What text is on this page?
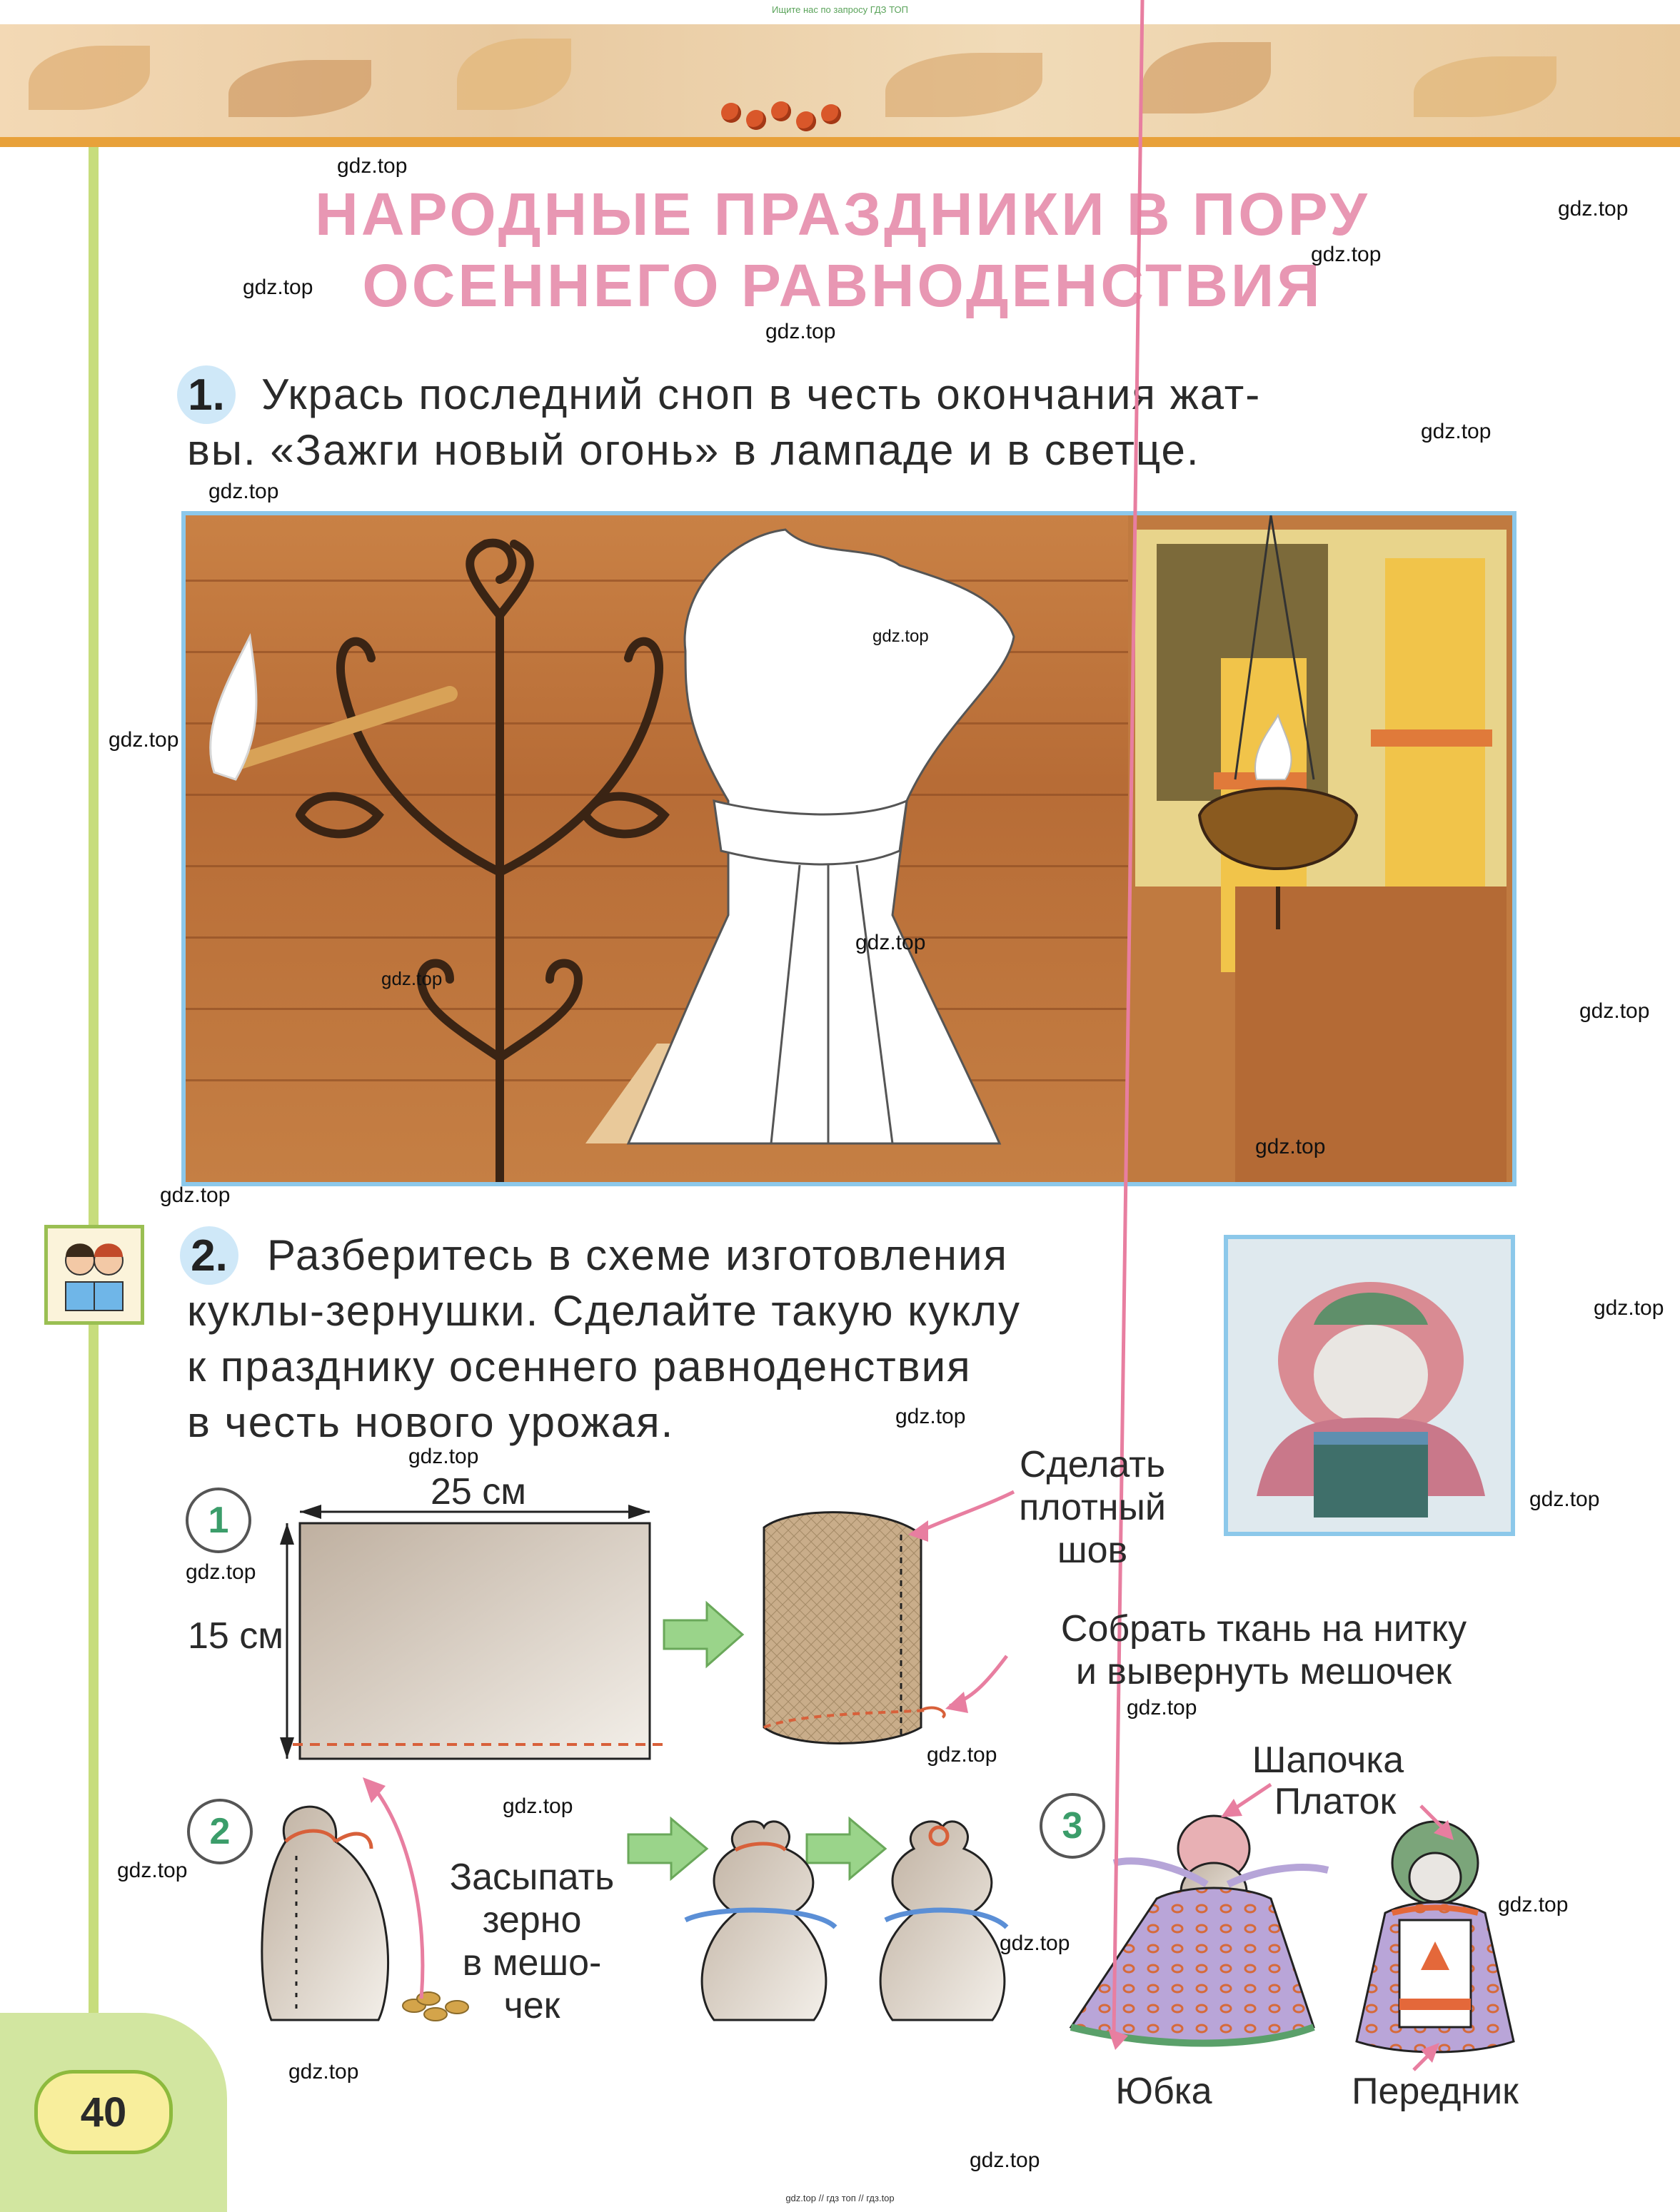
Ищите нас по запросу ГДЗ ТОП
НАРОДНЫЕ ПРАЗДНИКИ В ПОРУ
ОСЕННЕГО РАВНОДЕНСТВИЯ
1. Укрась последний сноп в честь окончания жат-
вы. «Зажги новый огонь» в лампаде и в светце.
2. Разберитесь в схеме изготовления
куклы-зернушки. Сделайте такую куклу
к празднику осеннего равноденствия
в честь нового урожая.
1
25 см
15 см
Сделать
плотный
шов
Собрать ткань на нитку
и вывернуть мешочек
2
Засыпать
зерно
в мешо-
чек
3
Шапочка
Платок
Юбка	Передник
40
gdz.top
gdz.top
gdz.top
gdz.top
gdz.top
gdz.top
gdz.top
gdz.top
gdz.top
gdz.top
gdz.top
gdz.top
gdz.top
gdz.top
gdz.top
gdz.top
gdz.top
gdz.top
gdz.top
gdz.top
gdz.top
gdz.top
gdz.top
gdz.top
gdz.top
gdz.top
gdz.top
gdz.top // гдз топ // гдз.top
